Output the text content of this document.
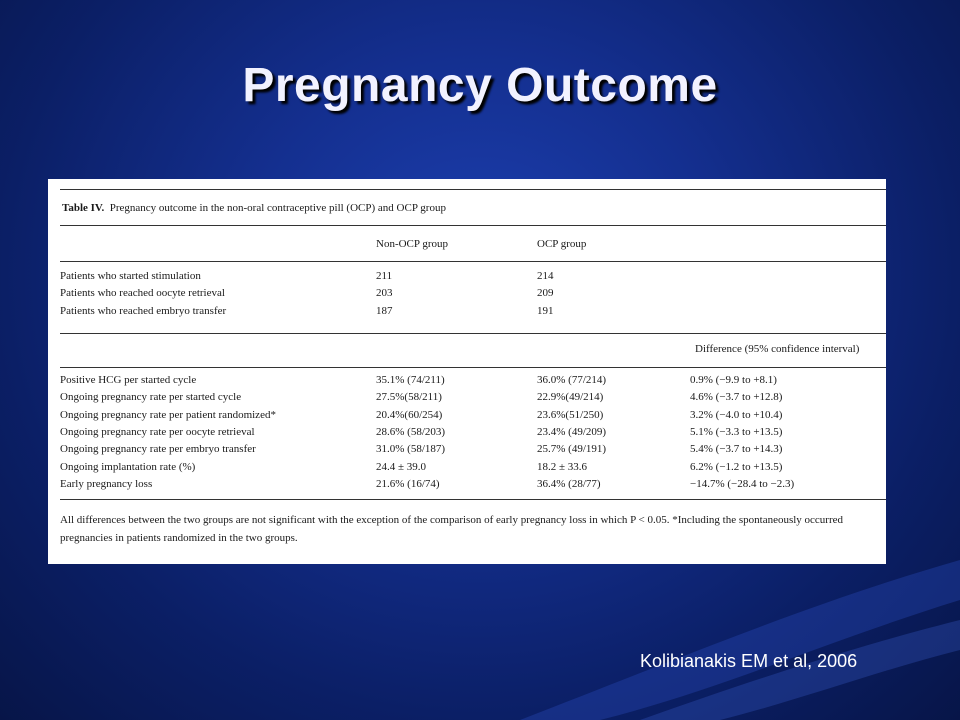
Pregnancy Outcome
Table IV. Pregnancy outcome in the non-oral contraceptive pill (OCP) and OCP group
Non-OCP group	OCP group
Patients who started stimulation	211	214
Patients who reached oocyte retrieval	203	209
Patients who reached embryo transfer	187	191
Difference (95% confidence interval)
Positive HCG per started cycle	35.1% (74/211)	36.0% (77/214)	0.9% (−9.9 to +8.1)
Ongoing pregnancy rate per started cycle	27.5%(58/211)	22.9%(49/214)	4.6% (−3.7 to +12.8)
Ongoing pregnancy rate per patient randomized*	20.4%(60/254)	23.6%(51/250)	3.2% (−4.0 to +10.4)
Ongoing pregnancy rate per oocyte retrieval	28.6% (58/203)	23.4% (49/209)	5.1% (−3.3 to +13.5)
Ongoing pregnancy rate per embryo transfer	31.0% (58/187)	25.7% (49/191)	5.4% (−3.7 to +14.3)
Ongoing implantation rate (%)	24.4 ± 39.0	18.2 ± 33.6	6.2% (−1.2 to +13.5)
Early pregnancy loss	21.6% (16/74)	36.4% (28/77)	−14.7% (−28.4 to −2.3)
All differences between the two groups are not significant with the exception of the comparison of early pregnancy loss in which P < 0.05. *Including the spontaneously occurred pregnancies in patients randomized in the two groups.
Kolibianakis EM et al, 2006
